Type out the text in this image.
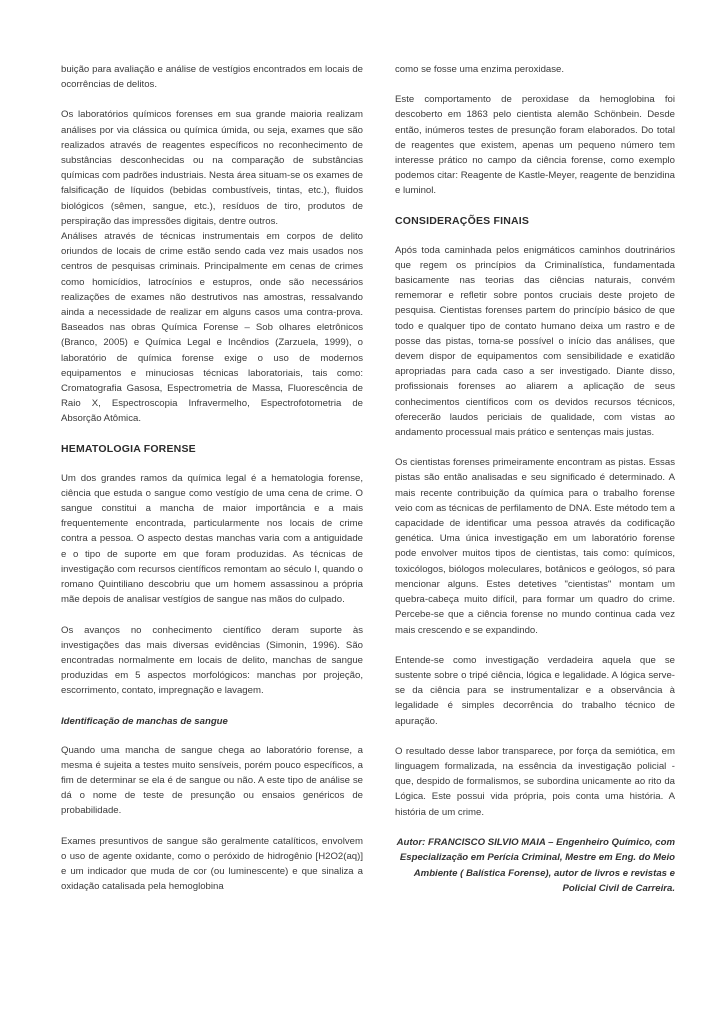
buição para avaliação e análise de vestígios encontrados em locais de ocorrências de delitos.

Os laboratórios químicos forenses em sua grande maioria realizam análises por via clássica ou química úmida, ou seja, exames que são realizados através de reagentes específicos no reconhecimento de substâncias desconhecidas ou na comparação de substâncias químicas com padrões industriais. Nesta área situam-se os exames de falsificação de líquidos (bebidas combustíveis, tintas, etc.), fluidos biológicos (sêmen, sangue, etc.), resíduos de tiro, produtos de perspiração das impressões digitais, dentre outros.

Análises através de técnicas instrumentais em corpos de delito oriundos de locais de crime estão sendo cada vez mais usados nos centros de pesquisas criminais. Principalmente em cenas de crimes como homicídios, latrocínios e estupros, onde são necessários realizações de exames não destrutivos nas amostras, ressalvando ainda a necessidade de realizar em alguns casos uma contra-prova. Baseados nas obras Química Forense – Sob olhares eletrônicos (Branco, 2005) e Química Legal e Incêndios (Zarzuela, 1999), o laboratório de química forense exige o uso de modernos equipamentos e minuciosas técnicas laboratoriais, tais como: Cromatografia Gasosa, Espectrometria de Massa, Fluorescência de Raio X, Espectroscopia Infravermelho, Espectrofotometria de Absorção Atômica.

HEMATOLOGIA FORENSE

Um dos grandes ramos da química legal é a hematologia forense, ciência que estuda o sangue como vestígio de uma cena de crime. O sangue constitui a mancha de maior importância e a mais frequentemente encontrada, particularmente nos locais de crime contra a pessoa. O aspecto destas manchas varia com a antiguidade e o tipo de suporte em que foram produzidas. As técnicas de investigação com recursos científicos remontam ao século I, quando o romano Quintiliano descobriu que um homem assassinou a própria mãe depois de analisar vestígios de sangue nas mãos do culpado.

Os avanços no conhecimento científico deram suporte às investigações das mais diversas evidências (Simonin, 1996). São encontradas normalmente em locais de delito, manchas de sangue produzidas em 5 aspectos morfológicos: manchas por projeção, escorrimento, contato, impregnação e lavagem.

Identificação de manchas de sangue

Quando uma mancha de sangue chega ao laboratório forense, a mesma é sujeita a testes muito sensíveis, porém pouco específicos, a fim de determinar se ela é de sangue ou não. A este tipo de análise se dá o nome de teste de presunção ou ensaios genéricos de probabilidade.

Exames presuntivos de sangue são geralmente catalíticos, envolvem o uso de agente oxidante, como o peróxido de hidrogênio [H2O2(aq)] e um indicador que muda de cor (ou luminescente) e que sinaliza a oxidação catalisada pela hemoglobina

como se fosse uma enzima peroxidase.

Este comportamento de peroxidase da hemoglobina foi descoberto em 1863 pelo cientista alemão Schönbein. Desde então, inúmeros testes de presunção foram elaborados. Do total de reagentes que existem, apenas um pequeno número tem interesse prático no campo da ciência forense, como exemplo podemos citar: Reagente de Kastle-Meyer, reagente de benzidina e luminol.

CONSIDERAÇÕES FINAIS

Após toda caminhada pelos enigmáticos caminhos doutrinários que regem os princípios da Criminalística, fundamentada basicamente nas teorias das ciências naturais, convém rememorar e refletir sobre pontos cruciais deste projeto de pesquisa. Cientistas forenses partem do princípio básico de que todo e qualquer tipo de contato humano deixa um rastro e de posse das pistas, torna-se possível o início das análises, que devem dispor de equipamentos com sensibilidade e exatidão apropriadas para cada caso a ser investigado. Diante disso, profissionais forenses ao aliarem a aplicação de seus conhecimentos científicos com os devidos recursos técnicos, oferecerão laudos periciais de qualidade, com vistas ao andamento processual mais prático e sentenças mais justas.

Os cientistas forenses primeiramente encontram as pistas. Essas pistas são então analisadas e seu significado é determinado. A mais recente contribuição da química para o trabalho forense veio com as técnicas de perfilamento de DNA. Este método tem a capacidade de identificar uma pessoa através da codificação genética. Uma única investigação em um laboratório forense pode envolver muitos tipos de cientistas, tais como: químicos, toxicólogos, biólogos moleculares, botânicos e geólogos, só para mencionar alguns. Estes detetives "cientistas" montam um quebra-cabeça muito difícil, para formar um quadro do crime. Percebe-se que a ciência forense no mundo continua cada vez mais crescendo e se expandindo.

Entende-se como investigação verdadeira aquela que se sustente sobre o tripé ciência, lógica e legalidade. A lógica serve-se da ciência para se instrumentalizar e a observância à legalidade é simples decorrência do trabalho técnico de apuração.

O resultado desse labor transparece, por força da semiótica, em linguagem formalizada, na essência da investigação policial - que, despido de formalismos, se subordina unicamente ao rito da Lógica. Este possui vida própria, pois conta uma história. A história de um crime.

Autor: FRANCISCO SILVIO MAIA – Engenheiro Químico, com Especialização em Perícia Criminal, Mestre em Eng. do Meio Ambiente ( Balística Forense), autor de livros e revistas e Policial Civil de Carreira.
